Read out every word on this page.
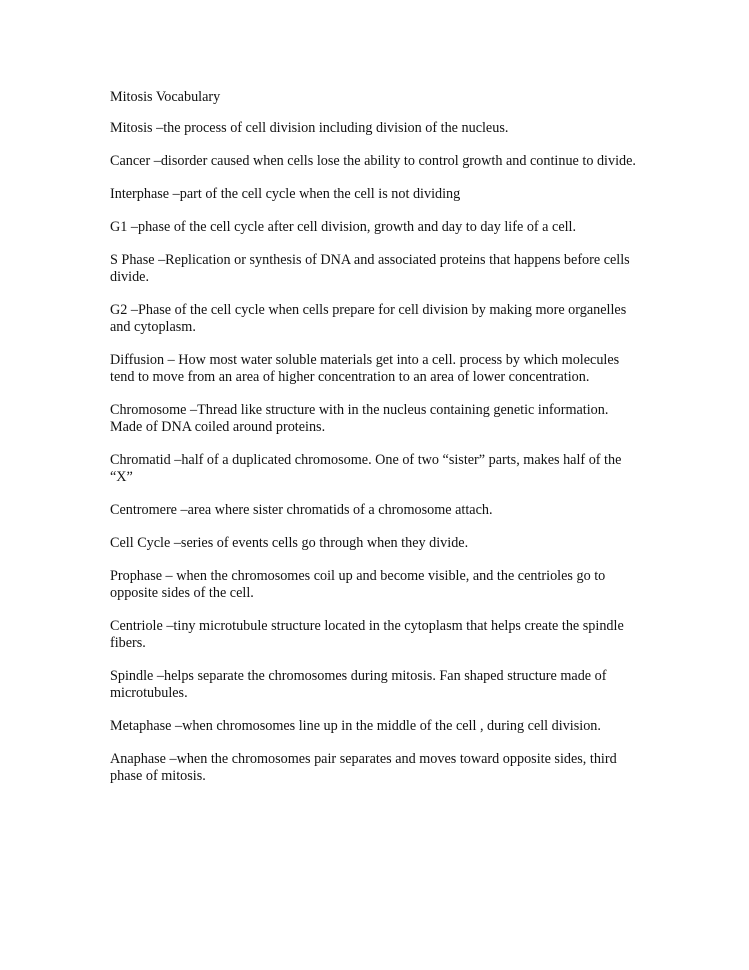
Mitosis Vocabulary

Mitosis –the process of cell division including division of the nucleus.

Cancer –disorder caused when cells lose the ability to control growth and continue to divide.

Interphase –part of the cell cycle when the cell is not dividing

G1 –phase of the cell cycle after cell division, growth and day to day life of a cell.

S Phase –Replication or synthesis of DNA and associated proteins that happens before cells divide.

G2 –Phase of the cell cycle when cells prepare for cell division by making more organelles and cytoplasm.

Diffusion – How most water soluble materials get into a cell. process by which molecules tend to move from an area of higher concentration to an area of lower concentration.

Chromosome –Thread like structure with in the nucleus containing genetic information. Made of DNA coiled around proteins.

Chromatid –half of a duplicated chromosome. One of two “sister” parts, makes half of the “X”

Centromere –area where sister chromatids of a chromosome attach.

Cell Cycle –series of events cells go through when they divide.

Prophase – when the chromosomes coil up and become visible, and the centrioles go to opposite sides of the cell.

Centriole –tiny microtubule structure located in the cytoplasm that helps create the spindle fibers.

Spindle –helps separate the chromosomes during mitosis. Fan shaped structure made of microtubules.

Metaphase –when chromosomes line up in the middle of the cell , during cell division.

Anaphase –when the chromosomes pair separates and moves toward opposite sides, third phase of mitosis.
